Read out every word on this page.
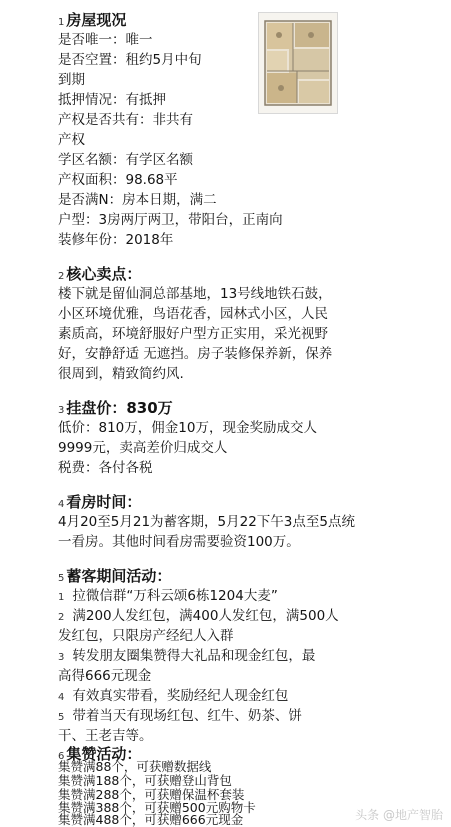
1 房屋现况
是否唯一：唯一
是否空置：租约5月中旬
到期
抵押情况：有抵押
产权是否共有：非共有
产权
学区名额：有学区名额
产权面积：98.68平
是否满N：房本日期，满二
户型：3房两厅两卫，带阳台，正南向
装修年份：2018年
2 核心卖点：
楼下就是留仙洞总部基地，13号线地铁石鼓，
小区环境优雅，鸟语花香，园林式小区，人民
素质高，环境舒服好户型方正实用，采光视野
好，安静舒适 无遮挡。房子装修保养新，保养
很周到，精致简约风.
3 挂盘价：830万
低价：810万，佣金10万，现金奖励成交人
9999元，卖高差价归成交人
税费：各付各税
4 看房时间：
4月20至5月21为蓄客期，5月22下午3点至5点统
一看房。其他时间看房需要验资100万。
5 蓄客期间活动：
1 拉微信群“万科云颂6栋1204大麦”
2 满200人发红包，满400人发红包，满500人
发红包，只限房产经纪人入群
3 转发朋友圈集赞得大礼品和现金红包，最
高得666元现金
4 有效真实带看，奖励经纪人现金红包
5 带着当天有现场红包、红牛、奶茶、饼
干、王老吉等。
6 集赞活动：
集赞满88个，可获赠数据线
集赞满188个，可获赠登山背包
集赞满288个，可获赠保温杯套装
集赞满388个，可获赠500元购物卡
集赞满488个，可获赠666元现金	头条 @地产智胎
